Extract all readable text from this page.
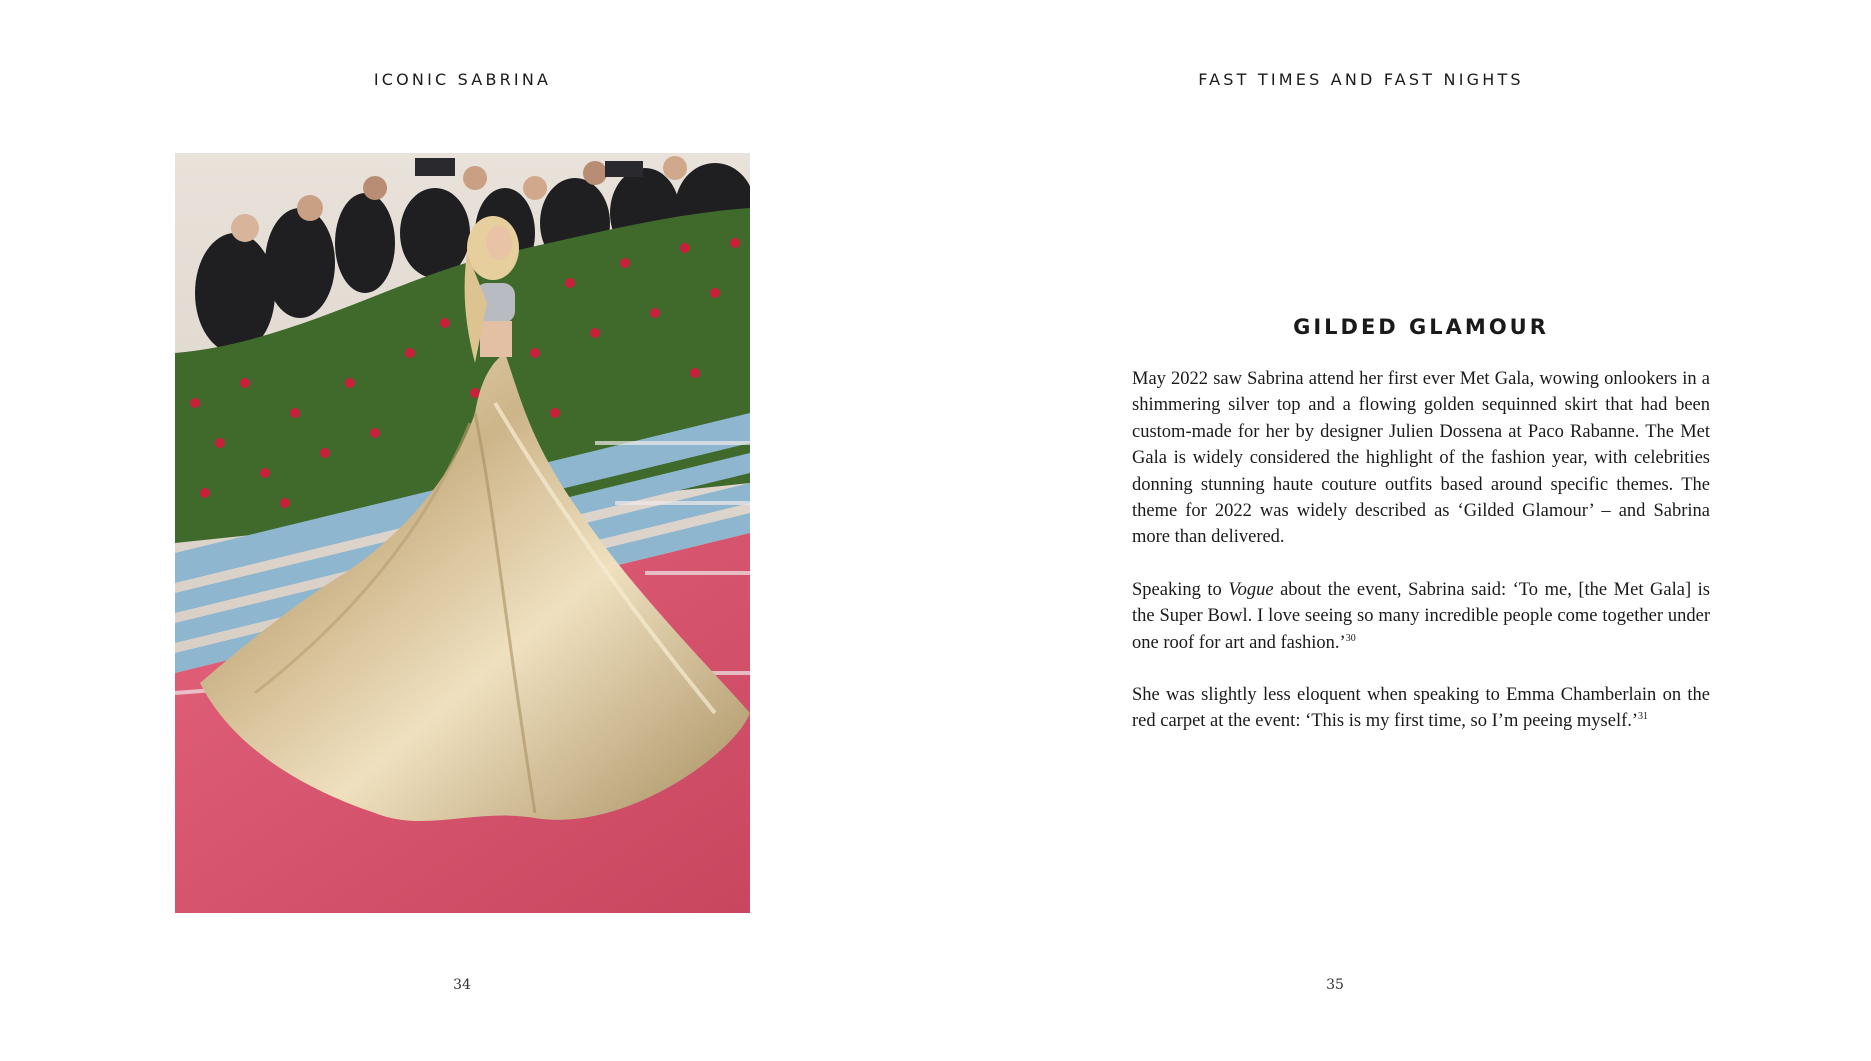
ICONIC SABRINA
34
FAST TIMES AND FAST NIGHTS
GILDED GLAMOUR

May 2022 saw Sabrina attend her first ever Met Gala, wowing onlookers in a shimmering silver top and a flowing golden sequinned skirt that had been custom-made for her by designer Julien Dossena at Paco Rabanne. The Met Gala is widely considered the highlight of the fashion year, with celebrities donning stunning haute couture outfits based around specific themes. The theme for 2022 was widely described as ‘Gilded Glamour’ – and Sabrina more than delivered.

Speaking to Vogue about the event, Sabrina said: ‘To me, [the Met Gala] is the Super Bowl. I love seeing so many incredible people come together under one roof for art and fashion.’$^{30}$

She was slightly less eloquent when speaking to Emma Chamberlain on the red carpet at the event: ‘This is my first time, so I’m peeing myself.’$^{31}$

35
